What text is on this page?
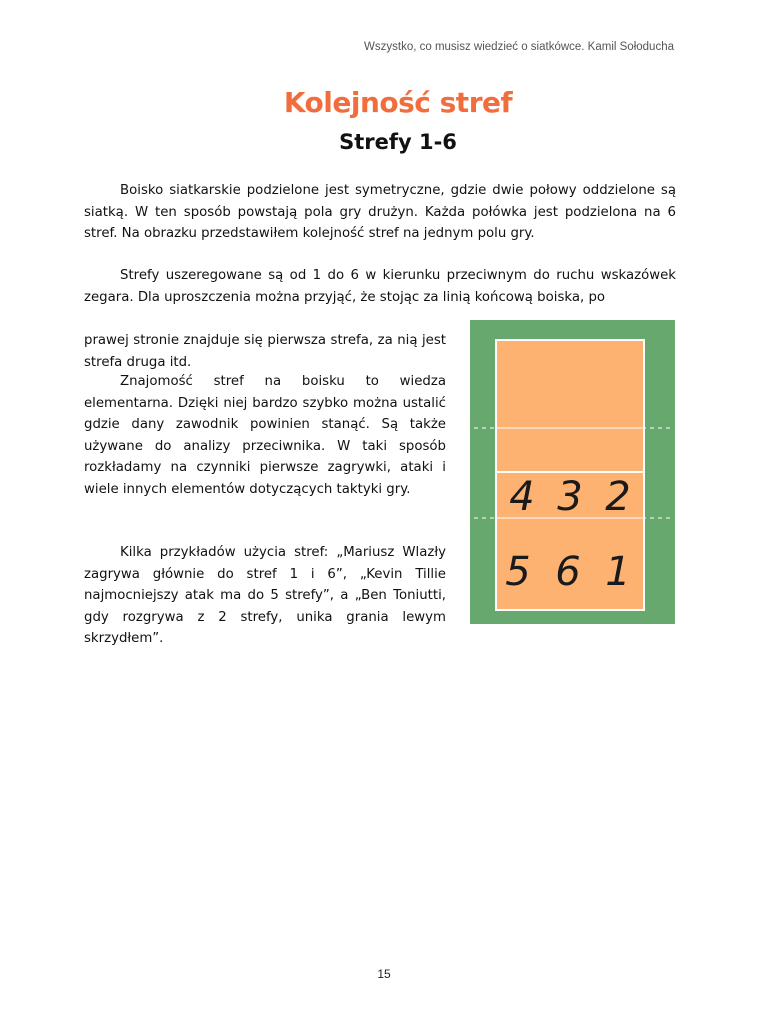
Wszystko, co musisz wiedzieć o siatkówce. Kamil Sołoducha
Kolejność stref
Strefy 1-6

Boisko siatkarskie podzielone jest symetryczne, gdzie dwie połowy oddzielone są siatką. W ten sposób powstają pola gry drużyn. Każda połówka jest podzielona na 6 stref. Na obrazku przedstawiłem kolejność stref na jednym polu gry.

Strefy uszeregowane są od 1 do 6 w kierunku przeciwnym do ruchu wskazówek zegara. Dla uproszczenia można przyjąć, że stojąc za linią końcową boiska, po

prawej stronie znajduje się pierwsza strefa, za nią jest strefa druga itd.

Znajomość stref na boisku to wiedza elementarna. Dzięki niej bardzo szybko można ustalić gdzie dany zawodnik powinien stanąć. Są także używane do analizy przeciwnika. W taki sposób rozkładamy na czynniki pierwsze zagrywki, ataki i wiele innych elementów dotyczących taktyki gry.

Kilka przykładów użycia stref: „Mariusz Wlazły zagrywa głównie do stref 1 i 6”, „Kevin Tillie najmocniejszy atak ma do 5 strefy”, a „Ben Toniutti, gdy rozgrywa z 2 strefy, unika grania lewym skrzydłem”.

4 3 2
5 6 1
15
